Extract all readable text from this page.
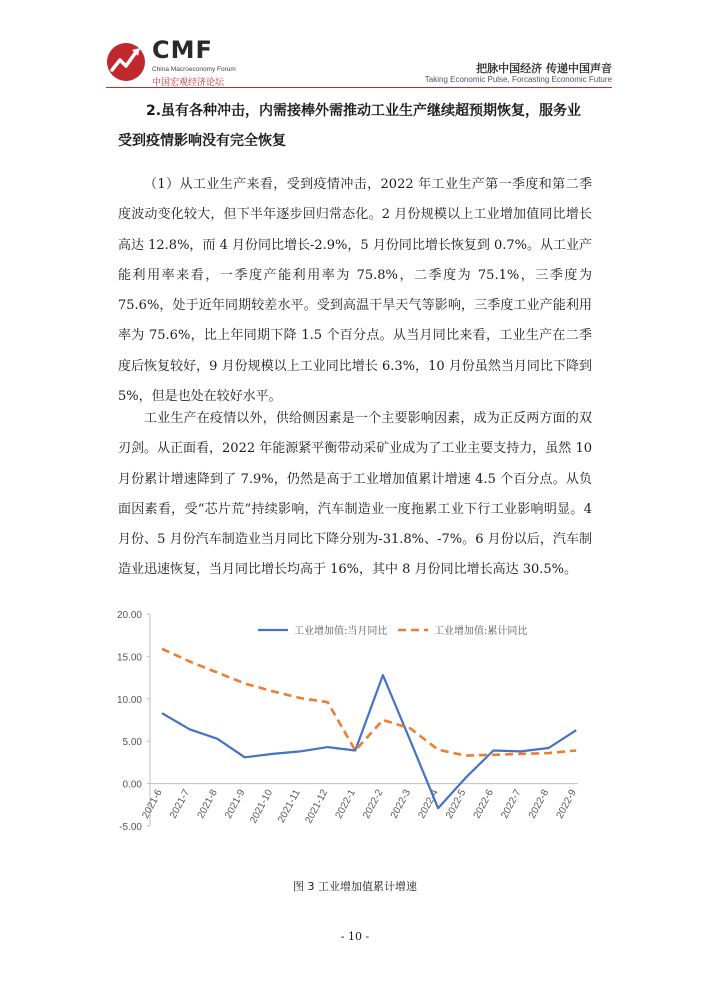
CMF
China Macroeconomy Forum
中国宏观经济论坛
把脉中国经济 传递中国声音
Taking Economic Pulse, Forcasting Economic Future
2.虽有各种冲击，内需接棒外需推动工业生产继续超预期恢复，服务业受到疫情影响没有完全恢复
（1）从工业生产来看，受到疫情冲击，2022 年工业生产第一季度和第二季度波动变化较大，但下半年逐步回归常态化。2 月份规模以上工业增加值同比增长高达 12.8%，而 4 月份同比增长-2.9%，5 月份同比增长恢复到 0.7%。从工业产能利用率来看，一季度产能利用率为 75.8%，二季度为 75.1%，三季度为 75.6%，处于近年同期较差水平。受到高温干旱天气等影响，三季度工业产能利用率为 75.6%，比上年同期下降 1.5 个百分点。从当月同比来看，工业生产在二季度后恢复较好，9 月份规模以上工业同比增长 6.3%，10 月份虽然当月同比下降到 5%，但是也处在较好水平。
工业生产在疫情以外，供给侧因素是一个主要影响因素，成为正反两方面的双刃剑。从正面看，2022 年能源紧平衡带动采矿业成为了工业主要支持力，虽然 10 月份累计增速降到了 7.9%，仍然是高于工业增加值累计增速 4.5 个百分点。从负面因素看，受“芯片荒”持续影响，汽车制造业一度拖累工业下行工业影响明显。4 月份、5 月份汽车制造业当月同比下降分别为-31.8%、-7%。6 月份以后，汽车制造业迅速恢复，当月同比增长均高于 16%，其中 8 月份同比增长高达 30.5%。
20.00
15.00
10.00
5.00
0.00
-5.00
2021-6 2021-7 2021-8 2021-9 2021-10 2021-11 2021-12 2022-1 2022-2 2022-3 2022-4 2022-5 2022-6 2022-7 2022-8 2022-9
工业增加值:当月同比	工业增加值:累计同比
图 3 工业增加值累计增速
- 10 -
